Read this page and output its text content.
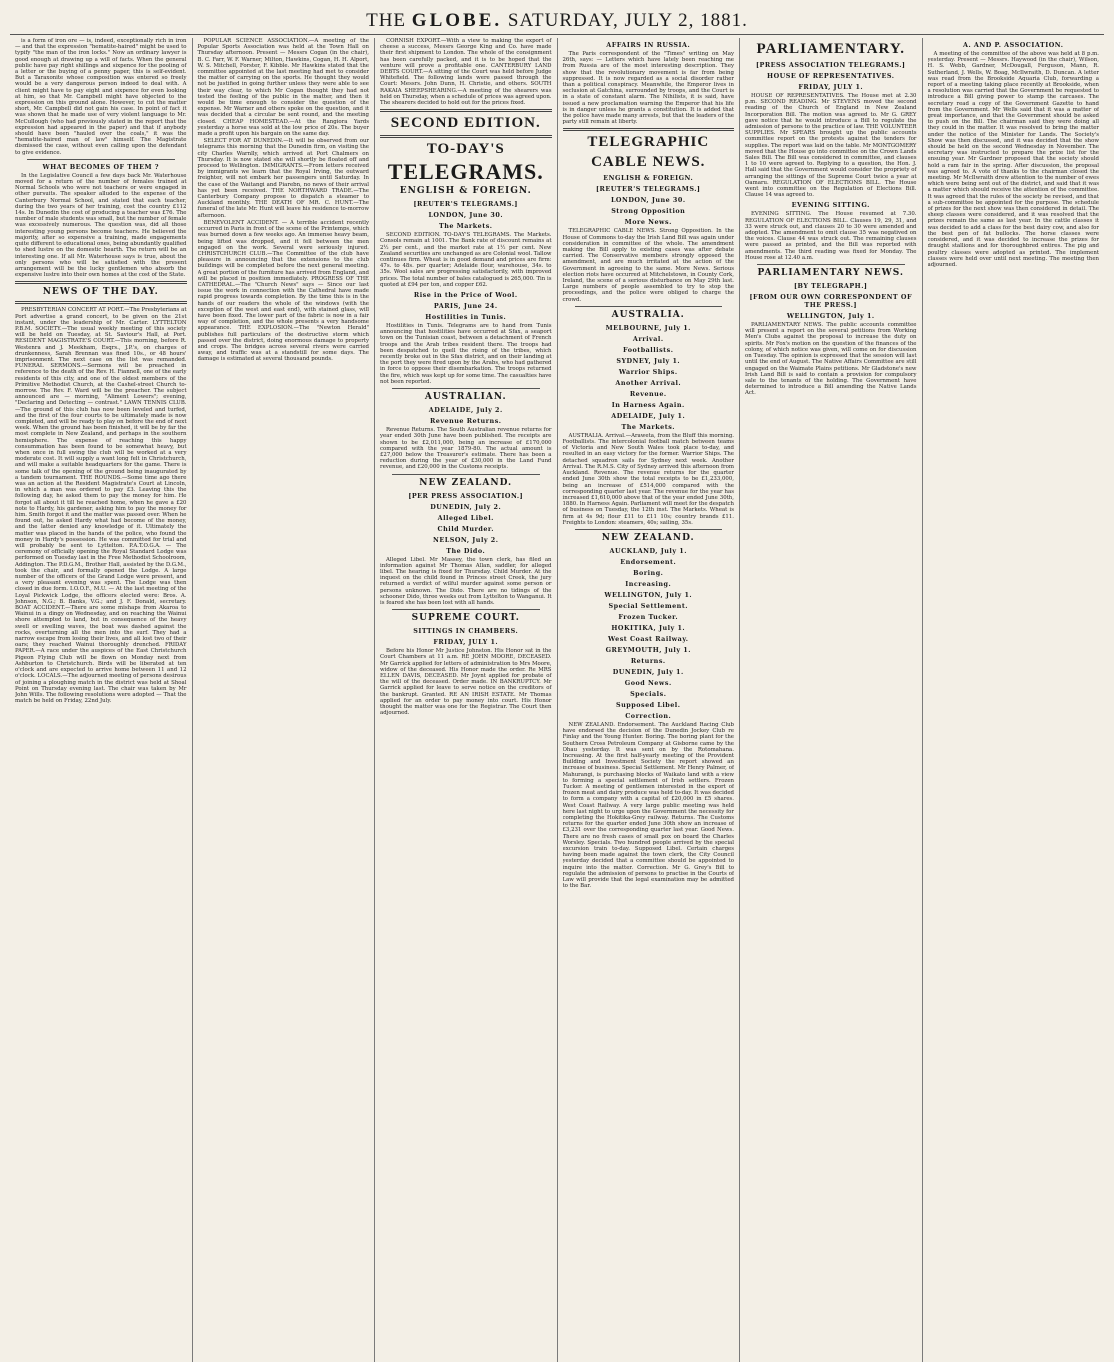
THE GLOBE. SATURDAY, JULY 2, 1881.

is a form of iron ore — is, indeed, exceptionally rich in iron — and that the expression "hematite-haired" might be used to typify "the man of the iron locks." Now an ordinary lawyer is good enough at drawing up a will of facts. When the general public have pay right shillings and sixpence for the pooling of a letter or the buying of a penny paper, this is self-evident. But a Taraxonite whose composition was entered so freely would be a very dangerous person indeed to deal with. A client might have to pay eight and sixpence for even looking at him, so that Mr. Campbell might have objected to the expression on this ground alone. However, to cut the matter short, Mr. Campbell did not gain his case. In point of fact it was shown that he made use of very violent language to Mr. McCullough (who had previously stated in the report that the expression had appeared in the paper) and that if anybody should have been "hauled over the coals," it was the "hematite-haired man of law" himself. The Magistrate dismissed the case, without even calling upon the defendant to give evidence.

WHAT BECOMES OF THEM ?

In the Legislative Council a few days back Mr. Waterhouse moved for a return of the number of females trained at Normal Schools who were not teachers or were engaged in other pursuits. The speaker alluded to the expense of the Canterbury Normal School, and stated that each teacher, during the two years of her training, cost the country £112 14s. In Dunedin the cost of producing a teacher was £76. The number of male students was small, but the number of female was excessively numerous. The question was, did all those interesting young persons become teachers. He believed the majority, after so expensive a training, made engagements quite different to educational ones, being abundantly qualified to shed lustre on the domestic hearth. The return will be an interesting one. If all Mr. Waterhouse says is true, about the only persons who will be satisfied with the present arrangement will be the lucky gentlemen who absorb the expensive lustre into their own homes at the cost of the State.

NEWS OF THE DAY.

PRESBYTERIAN CONCERT AT PORT.—The Presbyterians at Port advertise a grand concert, to be given on the 21st instant, under the leadership of Mr. Carter. LYTTELTON P.B.M. SOCIETY.—The usual weekly meeting of this society will be held on Tuesday, at St. Saviour's Hall, at Port. RESIDENT MAGISTRATE'S COURT.—This morning, before R. Westenra and J. Meekham, Esqrs., J.P.'s, on charges of drunkenness, Sarah Brennan was fined 10s., or 48 hours' imprisonment. The next case on the list was remanded. FUNERAL SERMONS.—Sermons will be preached in reference to the death of the Rev. H. Fiannell, one of the early residents of this city, and one of the oldest members of the Primitive Methodist Church, at the Cashel-street Church to-morrow. The Rev. F. Ward will be the preacher. The subject announced are — morning, "Aliment Lowers"; evening, "Declaring and Detecting — contrast." LAWN TENNIS CLUB.—The ground of this club has now been leveled and turfed, and the first of the four courts to be ultimately made is now completed, and will be ready to play on before the end of next week. When the ground has been finished, it will be by far the most complete in New Zealand, and perhaps in the southern hemisphere. The expense of reaching this happy consummation has been found to be somewhat heavy, but when once in full swing the club will be worked at a very moderate cost. It will supply a want long felt in Christchurch, and will make a suitable headquarters for the game. There is some talk of the opening of the ground being inaugurated by a tandem tournament. THE ROUNDS.—Some time ago there was an action at the Resident Magistrate's Court at Lincoln, in which a man was ordered to pay £3. Leaving this the following day, he asked them to pay the money for him. He forgot all about it till he reached home, when he gave a £20 note to Hardy, his gardener, asking him to pay the money for him. Smith forgot it and the matter was passed over. When he found out, he asked Hardy what had become of the money, and the latter denied any knowledge of it. Ultimately the matter was placed in the hands of the police, who found the money in Hardy's possession. He was committed for trial and will probably be sent to Lyttelton. P.A.T.O.G.A. — The ceremony of officially opening the Royal Standard Lodge was performed on Tuesday last in the Free Methodist Schoolroom, Addington. The P.D.G.M., Brother Hall, assisted by the D.G.M., took the chair, and formally opened the Lodge. A large number of the officers of the Grand Lodge were present, and a very pleasant evening was spent. The Lodge was then closed in due form. I.O.O.F., M.U. — At the last meeting of the Loyal Pickwick Lodge, the officers elected were: Bros. A. Johnson, N.G.; B. Banks, V.G.; and J. F. Donald, secretary. BOAT ACCIDENT.—There are some mishaps from Akaroa to Wainui in a dingy on Wednesday, and on reaching the Wainui shore attempted to land, but in consequence of the heavy swell or swelling waves, the boat was dashed against the rocks, overturning all the men into the surf. They had a narrow escape from losing their lives, and all lost two of their oars; they reached Wainui thoroughly drenched. FRIDAY PAPER.—A race under the auspices of the East Christchurch Pigeon Flying Club will be flown on Monday next from Ashburton to Christchurch. Birds will be liberated at ten o'clock and are expected to arrive home between 11 and 12 o'clock. LOCALS.—The adjourned meeting of persons desirous of joining a ploughing match in the district was held at Shoal Point on Thursday evening last. The chair was taken by Mr John Wills. The following resolutions were adopted — That the match be held on Friday, 22nd July.

POPULAR SCIENCE ASSOCIATION.—A meeting of the Popular Sports Association was held at the Town Hall on Thursday afternoon. Present — Messrs Cogan (in the chair), B. C. Farr, W. F. Warner, Milton, Hawkins, Cogan, H. H. Alport, W. S. Mitchell, Forster, F. Kibble. Mr Hawkins stated that the committee appointed at the last meeting had met to consider the matter of carrying on the sports. He thought they would not be justified in going further unless they were able to see their way clear, to which Mr Cogan thought they had not tested the feeling of the public in the matter, and then it would be time enough to consider the question of the expense. Mr Warner and others spoke on the question, and it was decided that a circular be sent round, and the meeting closed. CHEAP HOMESTEAD.—At the Rangiora Yards yesterday a horse was sold at the low price of 20s. The buyer made a profit upon his bargain on the same day.

SELECT FOR AT DUNEDIN.—It will be observed from our telegrams this morning that the Dunedin firm, on visiting the city Charles Warnlly, which arrived at Port Chalmers on Thursday. It is now stated she will shortly be floated off and proceed to Wellington. IMMIGRANTS.—From letters received by immigrants we learn that the Royal Irving, the outward freighter, will not embark her passengers until Saturday. In the case of the Waitangi and Piarebn, no news of their arrival has yet been received. THE NORTHWARD TRADE.—The Canterbury Company propose to dispatch a steamer to Auckland monthly. THE DEATH OF MR. C. HUNT.—The funeral of the late Mr. Hunt will leave his residence to-morrow afternoon.

BENEVOLENT ACCIDENT. — A terrible accident recently occurred in Paris in front of the scene of the Printemps, which was burned down a few weeks ago. An immense heavy beam, being lifted was dropped, and it fell between the men engaged on the work. Several were seriously injured. CHRISTCHURCH CLUB.—The Committee of the club have pleasure in announcing that the extensions to the club buildings will be completed before the next general meeting. A great portion of the furniture has arrived from England, and will be placed in position immediately. PROGRESS OF THE CATHEDRAL.—The "Church News" says — Since our last issue the work in connection with the Cathedral have made rapid progress towards completion. By the time this is in the hands of our readers the whole of the windows (with the exception of the west and east end), with stained glass, will have been fixed. The lower part of the fabric is now in a fair way of completion, and the whole presents a very handsome appearance. THE EXPLOSION.—The "Newton Herald" publishes full particulars of the destructive storm which passed over the district, doing enormous damage to property and crops. The bridges across several rivers were carried away, and traffic was at a standstill for some days. The damage is estimated at several thousand pounds.

CORNISH EXPORT.—With a view to making the export of cheese a success, Messrs George King and Co. have made their first shipment to London. The whole of the consignment has been carefully packed, and it is to be hoped that the venture will prove a profitable one. CANTERBURY LAND DEBTS COURT.—A sitting of the Court was held before Judge Whitefield. The following lands were passed through the Court: Messrs. John Dunn, H. Christie, and others. SOUTH RAKAIA SHEEPSHEARING.—A meeting of the shearers was held on Thursday, when a schedule of prices was agreed upon. The shearers decided to hold out for the prices fixed.

SECOND EDITION.
TO-DAY'S
TELEGRAMS.
ENGLISH & FOREIGN.
[REUTER'S TELEGRAMS.]
LONDON, June 30.
The Markets.

SECOND EDITION. TO-DAY'S TELEGRAMS. The Markets. Consols remain at 1001. The Bank rate of discount remains at 2½ per cent., and the market rate at 1½ per cent. New Zealand securities are unchanged as are Colonial wool. Tallow continues firm. Wheat is in good demand and prices are firm: 47s. to 48s. per quarter; Adelaide flour, warehouse, 34s. to 35s. Wool sales are progressing satisfactorily, with improved prices. The total number of bales catalogued is 265,000. Tin is quoted at £94 per ton, and copper £62.

Rise in the Price of Wool.
PARIS, June 24.
Hostilities in Tunis.

Hostilities in Tunis. Telegrams are to hand from Tunis announcing that hostilities have occurred at Sfax, a seaport town on the Tunisian coast, between a detachment of French troops and the Arab tribes resident there. The troops had been despatched to quell the rising of the tribes, which recently broke out in the Sfax district, and on their landing at the port they were fired upon by the Arabs, who had gathered in force to oppose their disembarkation. The troops returned the fire, which was kept up for some time. The casualties have not been reported.

AUSTRALIAN.
ADELAIDE, July 2.
Revenue Returns.

Revenue Returns. The South Australian revenue returns for year ended 30th June have been published. The receipts are shown to be £2,011,000, being an increase of £170,000 compared with the year 1879-80. The actual amount is £27,000 below the Treasurer's estimate. There has been a reduction during the year of £30,000 in the Land Fund revenue, and £20,000 in the Customs receipts.

NEW ZEALAND.
[PER PRESS ASSOCIATION.]
DUNEDIN, July 2.
Alleged Libel.
Child Murder.
NELSON, July 2.
The Dido.

Alleged Libel. Mr Massey, the town clerk, has filed an information against Mr Thomas Allan, saddler, for alleged libel. The hearing is fixed for Thursday. Child Murder. At the inquest on the child found in Princes street Creek, the jury returned a verdict of wilful murder against some person or persons unknown. The Dido. There are no tidings of the schooner Dido, three weeks out from Lyttelton to Wanganui. It is feared she has been lost with all hands.

SUPREME COURT.
SITTINGS IN CHAMBERS.
FRIDAY, JULY 1.

Before his Honor Mr Justice Johnston. His Honor sat in the Court Chambers at 11 a.m. RE JOHN MOORE, DECEASED. Mr Garrick applied for letters of administration to Mrs Moore, widow of the deceased. His Honor made the order. Re MRS ELLEN DAVIS, DECEASED. Mr Joynt applied for probate of the will of the deceased. Order made. IN BANKRUPTCY. Mr Garrick applied for leave to serve notice on the creditors of the bankrupt. Granted. RE AN IRISH ESTATE. Mr Thomas applied for an order to pay money into court. His Honor thought the matter was one for the Registrar. The Court then adjourned.

AFFAIRS IN RUSSIA.

The Paris correspondent of the "Times" writing on May 26th, says: — Letters which have lately been reaching me from Russia are of the most interesting description. They show that the revolutionary movement is far from being suppressed. It is now regarded as a social disorder rather than a political conspiracy. Meanwhile, the Emperor lives in seclusion at Gatchina, surrounded by troops, and the Court is in a state of constant alarm. The Nihilists, it is said, have issued a new proclamation warning the Emperor that his life is in danger unless he grants a constitution. It is added that the police have made many arrests, but that the leaders of the party still remain at liberty.

TELEGRAPHIC
CABLE NEWS.
ENGLISH & FOREIGN.
[REUTER'S TELEGRAMS.]
LONDON, June 30.
Strong Opposition
More News.

TELEGRAPHIC CABLE NEWS. Strong Opposition. In the House of Commons to-day the Irish Land Bill was again under consideration in committee of the whole. The amendment making the Bill apply to existing cases was after debate carried. The Conservative members strongly opposed the amendment, and are much irritated at the action of the Government in agreeing to the same. More News. Serious election riots have occurred at Mitchelstown, in County Cork, Ireland, the scene of a serious disturbance on May 29th last. Large numbers of people assembled to try to stop the proceedings, and the police were obliged to charge the crowd.

AUSTRALIA.
MELBOURNE, July 1.
Arrival.
Footballists.
SYDNEY, July 1.
Warrior Ships.
Another Arrival.
Revenue.
In Harness Again.
ADELAIDE, July 1.
The Markets.

AUSTRALIA. Arrival.—Araweta, from the Bluff this morning. Footballists. The intercolonial football match between teams of Victoria and New South Wales took place to-day, and resulted in an easy victory for the former. Warrior Ships. The detached squadron sails for Sydney next week. Another Arrival. The R.M.S. City of Sydney arrived this afternoon from Auckland. Revenue. The revenue returns for the quarter ended June 30th show the total receipts to be £1,233,000, being an increase of £514,000 compared with the corresponding quarter last year. The revenue for the year has increased £1,610,000 above that of the year ended June 30th, 1880. In Harness Again. Parliament will meet for the despatch of business on Tuesday, the 12th inst. The Markets. Wheat is firm at 4s 9d; flour £11 to £11 10s; country brands £11. Freights to London: steamers, 40s; sailing, 35s.

NEW ZEALAND.
AUCKLAND, July 1.
Endorsement.
Boring.
Increasing.
WELLINGTON, July 1.
Special Settlement.
Frozen Tucker.
HOKITIKA, July 1.
West Coast Railway.
GREYMOUTH, July 1.
Returns.
DUNEDIN, July 1.
Good News.
Specials.
Supposed Libel.
Correction.

NEW ZEALAND. Endorsement. The Auckland Racing Club have endorsed the decision of the Dunedin Jockey Club re Finlay and the Young Hunter. Boring. The boring plant for the Southern Cross Petroleum Company at Gisborne came by the Ohau yesterday. It was sent on by the Rotomahana. Increasing. At the first half-yearly meeting of the Provident Building and Investment Society the report showed an increase of business. Special Settlement. Mr Henry Palmer, of Mahurangi, is purchasing blocks of Waikato land with a view to forming a special settlement of Irish settlers. Frozen Tucker. A meeting of gentlemen interested in the export of frozen meat and dairy produce was held to-day. It was decided to form a company with a capital of £20,000 in £5 shares. West Coast Railway. A very large public meeting was held here last night to urge upon the Government the necessity for completing the Hokitika-Grey railway. Returns. The Customs returns for the quarter ended June 30th show an increase of £3,231 over the corresponding quarter last year. Good News. There are no fresh cases of small pox on board the Charles Worsley. Specials. Two hundred people arrived by the special excursion train to-day. Supposed Libel. Certain charges having been made against the town clerk, the City Council yesterday decided that a committee should be appointed to inquire into the matter. Correction. Mr G. Grey's Bill to regulate the admission of persons to practise in the Courts of Law will provide that the legal examination may be admitted to the Bar.

PARLIAMENTARY.
[PRESS ASSOCIATION TELEGRAMS.]
HOUSE OF REPRESENTATIVES.
FRIDAY, JULY 1.

HOUSE OF REPRESENTATIVES. The House met at 2.30 p.m. SECOND READING. Mr STEVENS moved the second reading of the Church of England in New Zealand Incorporation Bill. The motion was agreed to. Mr G. GREY gave notice that he would introduce a Bill to regulate the admission of persons to the practice of law. THE VOLUNTEER SUPPLIES. Mr SPEARS brought up the public accounts committee report on the protests against the tenders for supplies. The report was laid on the table. Mr MONTGOMERY moved that the House go into committee on the Crown Lands Sales Bill. The Bill was considered in committee, and clauses 1 to 10 were agreed to. Replying to a question, the Hon. J. Hall said that the Government would consider the propriety of arranging the sittings of the Supreme Court twice a year at Oamaru. REGULATION OF ELECTIONS BILL. The House went into committee on the Regulation of Elections Bill. Clause 14 was agreed to.

EVENING SITTING.

EVENING SITTING. The House resumed at 7.30. REGULATION OF ELECTIONS BILL. Clauses 19, 29, 31, and 33 were struck out, and clauses 20 to 30 were amended and adopted. The amendment to omit clause 35 was negatived on the voices. Clause 44 was struck out. The remaining clauses were passed as printed, and the Bill was reported with amendments. The third reading was fixed for Monday. The House rose at 12.40 a.m.

PARLIAMENTARY NEWS.
[BY TELEGRAPH.]
[FROM OUR OWN CORRESPONDENT OF THE PRESS.]
WELLINGTON, July 1.

PARLIAMENTARY NEWS. The public accounts committee will present a report on the several petitions from Working Men's Clubs against the proposal to increase the duty on spirits. Mr Fox's motion on the question of the finances of the colony, of which notice was given, will come on for discussion on Tuesday. The opinion is expressed that the session will last until the end of August. The Native Affairs Committee are still engaged on the Waimate Plains petitions. Mr Gladstone's new Irish Land Bill is said to contain a provision for compulsory sale to the tenants of the holding. The Government have determined to introduce a Bill amending the Native Lands Act.

A. AND P. ASSOCIATION.

A meeting of the committee of the above was held at 8 p.m. yesterday. Present — Messrs. Haywood (in the chair), Wilson, H. S. Webb, Gardner, McDougall, Ferguson, Mann, R. Sutherland, J. Wells, W. Boag, McIlwraith, D. Duncan. A letter was read from the Brookside Aquaria Club, forwarding a report of a meeting taking place recently at Brookside, when a resolution was carried that the Government be requested to introduce a Bill giving power to stamp the carcases. The secretary read a copy of the Government Gazette to hand from the Government. Mr Wells said that it was a matter of great importance, and that the Government should be asked to push on the Bill. The chairman said they were doing all they could in the matter. It was resolved to bring the matter under the notice of the Minister for Lands. The Society's Show was then discussed, and it was decided that the show should be held on the second Wednesday in November. The secretary was instructed to prepare the prize list for the ensuing year. Mr Gardner proposed that the society should hold a ram fair in the spring. After discussion, the proposal was agreed to. A vote of thanks to the chairman closed the meeting. Mr McIlwraith drew attention to the number of ewes which were being sent out of the district, and said that it was a matter which should receive the attention of the committee. It was agreed that the rules of the society be revised, and that a sub-committee be appointed for the purpose. The schedule of prizes for the next show was then considered in detail. The sheep classes were considered, and it was resolved that the prizes remain the same as last year. In the cattle classes it was decided to add a class for the best dairy cow, and also for the best pen of fat bullocks. The horse classes were considered, and it was decided to increase the prizes for draught stallions and for thoroughbred entires. The pig and poultry classes were adopted as printed. The implement classes were held over until next meeting. The meeting then adjourned.
